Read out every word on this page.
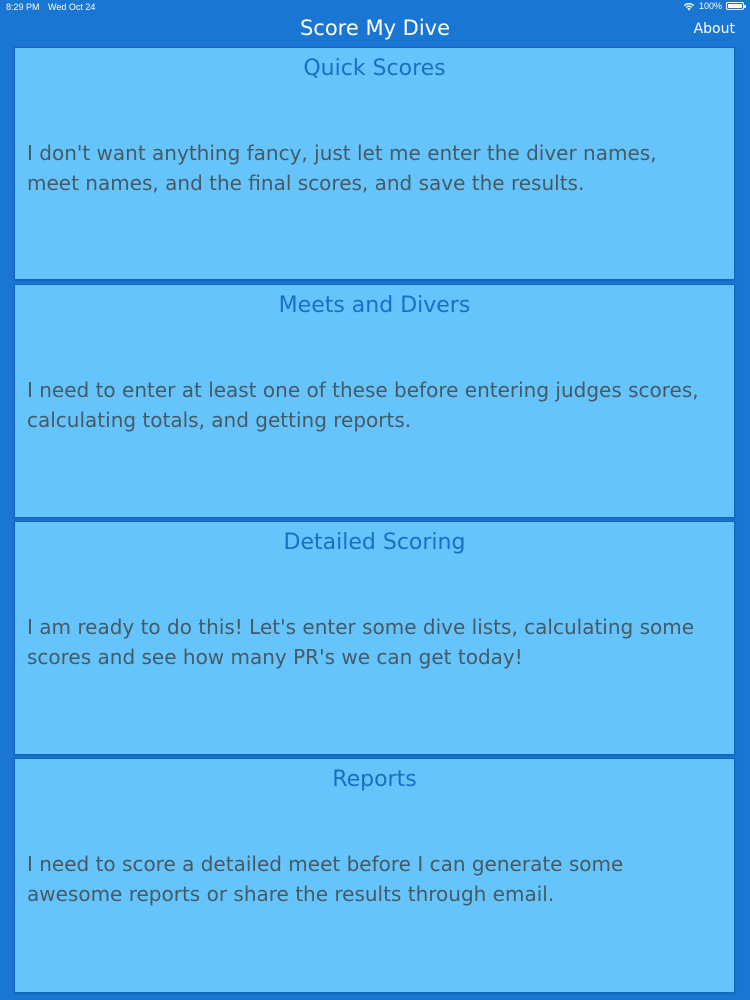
8:29 PM Wed Oct 24	100%
Score My Dive	About
Quick Scores
I don't want anything fancy, just let me enter the diver names, meet names, and the final scores, and save the results.
Meets and Divers
I need to enter at least one of these before entering judges scores, calculating totals, and getting reports.
Detailed Scoring
I am ready to do this! Let's enter some dive lists, calculating some scores and see how many PR's we can get today!
Reports
I need to score a detailed meet before I can generate some awesome reports or share the results through email.
